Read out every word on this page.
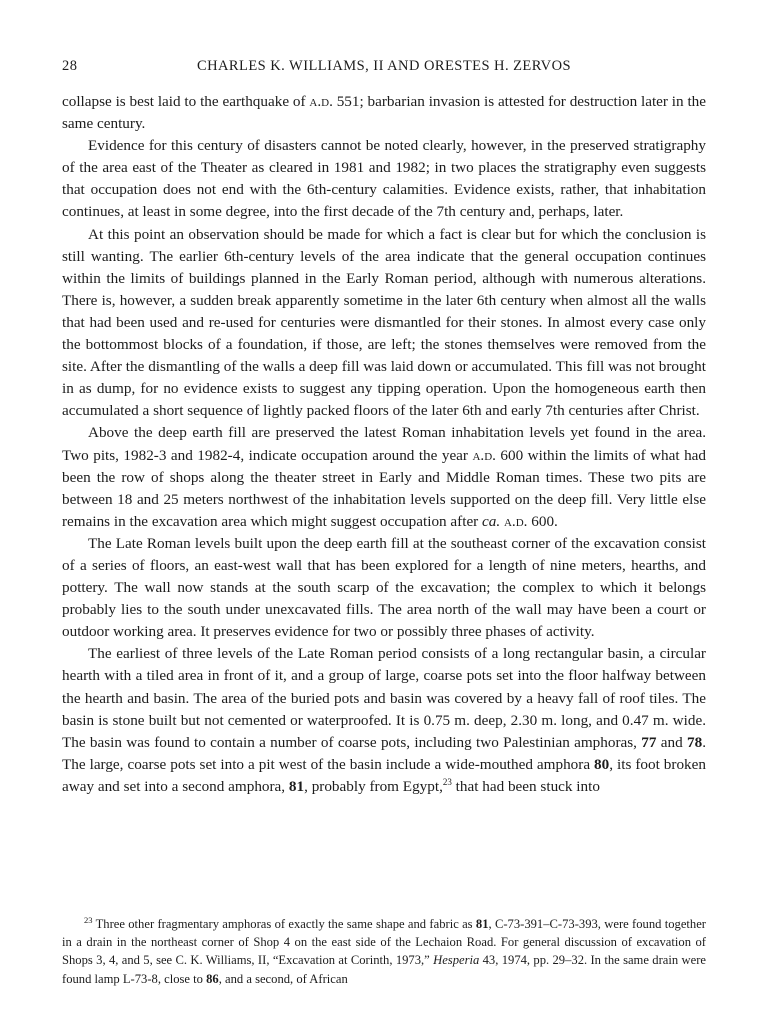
28	CHARLES K. WILLIAMS, II AND ORESTES H. ZERVOS

collapse is best laid to the earthquake of a.d. 551; barbarian invasion is attested for destruction later in the same century.

Evidence for this century of disasters cannot be noted clearly, however, in the preserved stratigraphy of the area east of the Theater as cleared in 1981 and 1982; in two places the stratigraphy even suggests that occupation does not end with the 6th-century calamities. Evidence exists, rather, that inhabitation continues, at least in some degree, into the first decade of the 7th century and, perhaps, later.

At this point an observation should be made for which a fact is clear but for which the conclusion is still wanting. The earlier 6th-century levels of the area indicate that the general occupation continues within the limits of buildings planned in the Early Roman period, although with numerous alterations. There is, however, a sudden break apparently sometime in the later 6th century when almost all the walls that had been used and re-used for centuries were dismantled for their stones. In almost every case only the bottommost blocks of a foundation, if those, are left; the stones themselves were removed from the site. After the dismantling of the walls a deep fill was laid down or accumulated. This fill was not brought in as dump, for no evidence exists to suggest any tipping operation. Upon the homogeneous earth then accumulated a short sequence of lightly packed floors of the later 6th and early 7th centuries after Christ.

Above the deep earth fill are preserved the latest Roman inhabitation levels yet found in the area. Two pits, 1982-3 and 1982-4, indicate occupation around the year a.d. 600 within the limits of what had been the row of shops along the theater street in Early and Middle Roman times. These two pits are between 18 and 25 meters northwest of the inhabitation levels supported on the deep fill. Very little else remains in the excavation area which might suggest occupation after ca. a.d. 600.

The Late Roman levels built upon the deep earth fill at the southeast corner of the excavation consist of a series of floors, an east-west wall that has been explored for a length of nine meters, hearths, and pottery. The wall now stands at the south scarp of the excavation; the complex to which it belongs probably lies to the south under unexcavated fills. The area north of the wall may have been a court or outdoor working area. It preserves evidence for two or possibly three phases of activity.

The earliest of three levels of the Late Roman period consists of a long rectangular basin, a circular hearth with a tiled area in front of it, and a group of large, coarse pots set into the floor halfway between the hearth and basin. The area of the buried pots and basin was covered by a heavy fall of roof tiles. The basin is stone built but not cemented or waterproofed. It is 0.75 m. deep, 2.30 m. long, and 0.47 m. wide. The basin was found to contain a number of coarse pots, including two Palestinian amphoras, 77 and 78. The large, coarse pots set into a pit west of the basin include a wide-mouthed amphora 80, its foot broken away and set into a second amphora, 81, probably from Egypt,$^{23}$ that had been stuck into

$^{23}$ Three other fragmentary amphoras of exactly the same shape and fabric as 81, C-73-391–C-73-393, were found together in a drain in the northeast corner of Shop 4 on the east side of the Lechaion Road. For general discussion of excavation of Shops 3, 4, and 5, see C. K. Williams, II, “Excavation at Corinth, 1973,” Hesperia 43, 1974, pp. 29–32. In the same drain were found lamp L-73-8, close to 86, and a second, of African
